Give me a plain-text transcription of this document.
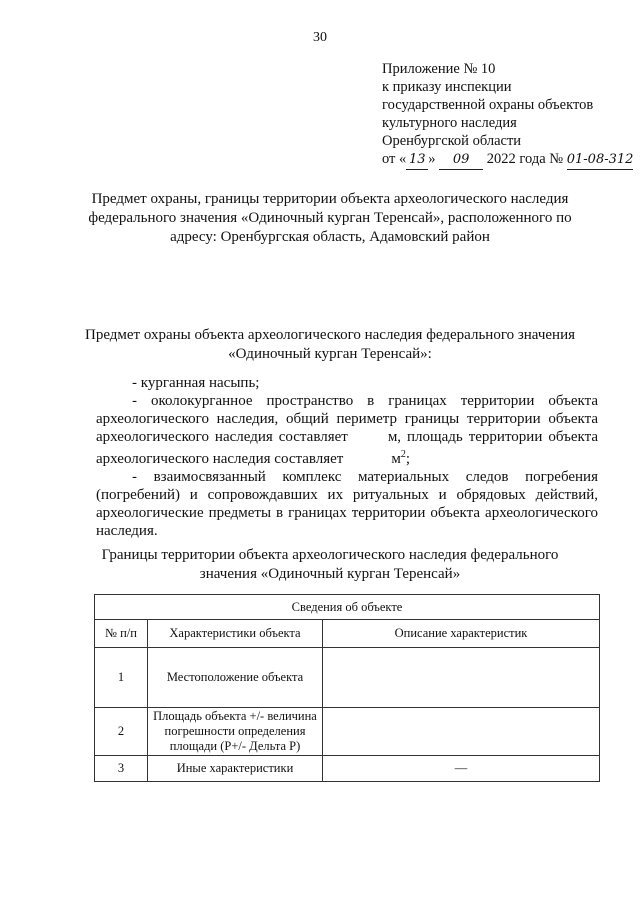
30
Приложение № 10
к приказу инспекции
государственной охраны объектов
культурного наследия
Оренбургской области
от « 13 » 09 2022 года № 01-08-312
Предмет охраны, границы территории объекта археологического наследия федерального значения «Одиночный курган Теренсай», расположенного по адресу: Оренбургская область, Адамовский район
Предмет охраны объекта археологического наследия федерального значения «Одиночный курган Теренсай»:

- курганная насыпь;

- околокурганное пространство в границах территории объекта археологического наследия, общий периметр границы территории объекта археологического наследия составляет	м, площадь территории объекта археологического наследия составляет	$м^2$;

- взаимосвязанный комплекс материальных следов погребения (погребений) и сопровождавших их ритуальных и обрядовых действий, археологические предметы в границах территории объекта археологического наследия.

Границы территории объекта археологического наследия федерального значения «Одиночный курган Теренсай»
Сведения об объекте		
№ п/п	Характеристики объекта	Описание характеристик
1	Местоположение объекта	
2	Площадь объекта +/- величина погрешности определения площади (Р+/- Дельта Р)	
3	Иные характеристики	—
